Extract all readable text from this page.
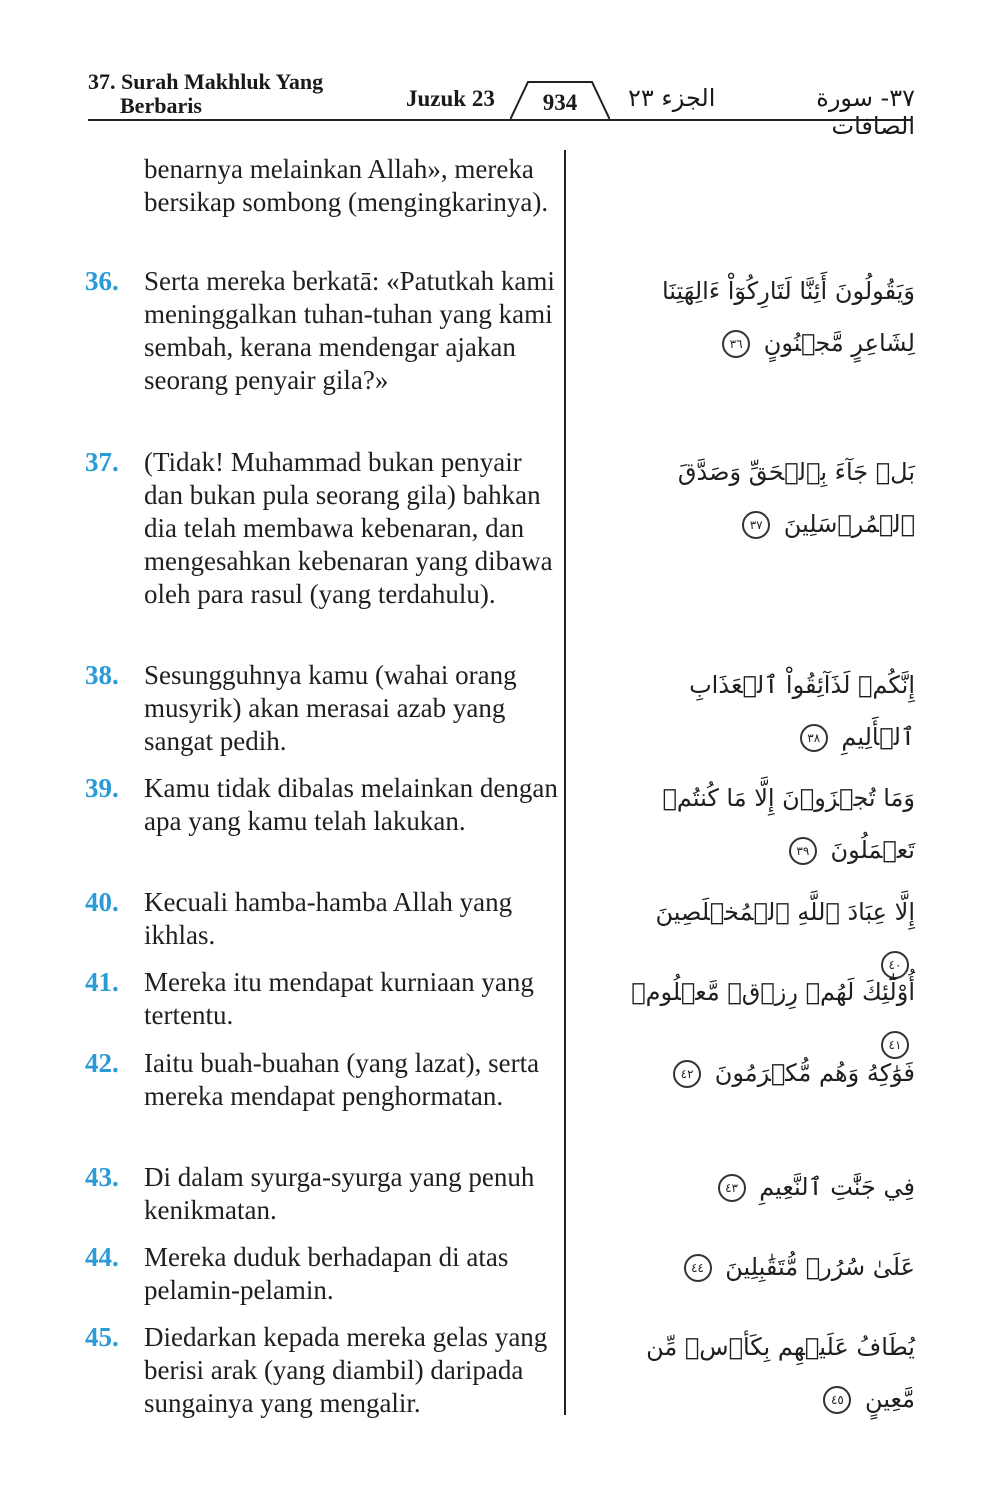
37. Surah Makhluk Yang
Berbaris	Juzuk 23	934	الجزء ٢٣	٣٧- سورة الصافات
benarnya melainkan Allah», mereka bersikap sombong (mengingkarinya).
36. Serta mereka berkatā: «Patutkah kami meninggalkan tuhan-tuhan yang kami sembah, kerana mendengar ajakan seorang penyair gila?»
وَيَقُولُونَ أَئِنَّا لَتَارِكُوٓاْ ءَالِهَتِنَا لِشَاعِرٍ مَّجۡنُونٍ ٣٦
37. (Tidak! Muhammad bukan penyair dan bukan pula seorang gila) bahkan dia telah membawa kebenaran, dan mengesahkan kebenaran yang dibawa oleh para rasul (yang terdahulu).
بَلۡ جَآءَ بِٱلۡحَقِّ وَصَدَّقَ ٱلۡمُرۡسَلِينَ ٣٧
38. Sesungguhnya kamu (wahai orang musyrik) akan merasai azab yang sangat pedih.
إِنَّكُمۡ لَذَآئِقُواْ ٱلۡعَذَابِ ٱلۡأَلِيمِ ٣٨
39. Kamu tidak dibalas melainkan dengan apa yang kamu telah lakukan.
وَمَا تُجۡزَوۡنَ إِلَّا مَا كُنتُمۡ تَعۡمَلُونَ ٣٩
40. Kecuali hamba-hamba Allah yang ikhlas.
إِلَّا عِبَادَ ٱللَّهِ ٱلۡمُخۡلَصِينَ ٤٠
41. Mereka itu mendapat kurniaan yang tertentu.
أُوْلَٰٓئِكَ لَهُمۡ رِزۡقٞ مَّعۡلُومٞ ٤١
42. Iaitu buah-buahan (yang lazat), serta mereka mendapat penghormatan.
فَوَٰكِهُ وَهُم مُّكۡرَمُونَ ٤٢
43. Di dalam syurga-syurga yang penuh kenikmatan.
فِي جَنَّٰتِ ٱلنَّعِيمِ ٤٣
44. Mereka duduk berhadapan di atas pelamin-pelamin.
عَلَىٰ سُرُرٖ مُّتَقَٰبِلِينَ ٤٤
45. Diedarkan kepada mereka gelas yang berisi arak (yang diambil) daripada sungainya yang mengalir.
يُطَافُ عَلَيۡهِم بِكَأۡسٖ مِّن مَّعِينٍ ٤٥
